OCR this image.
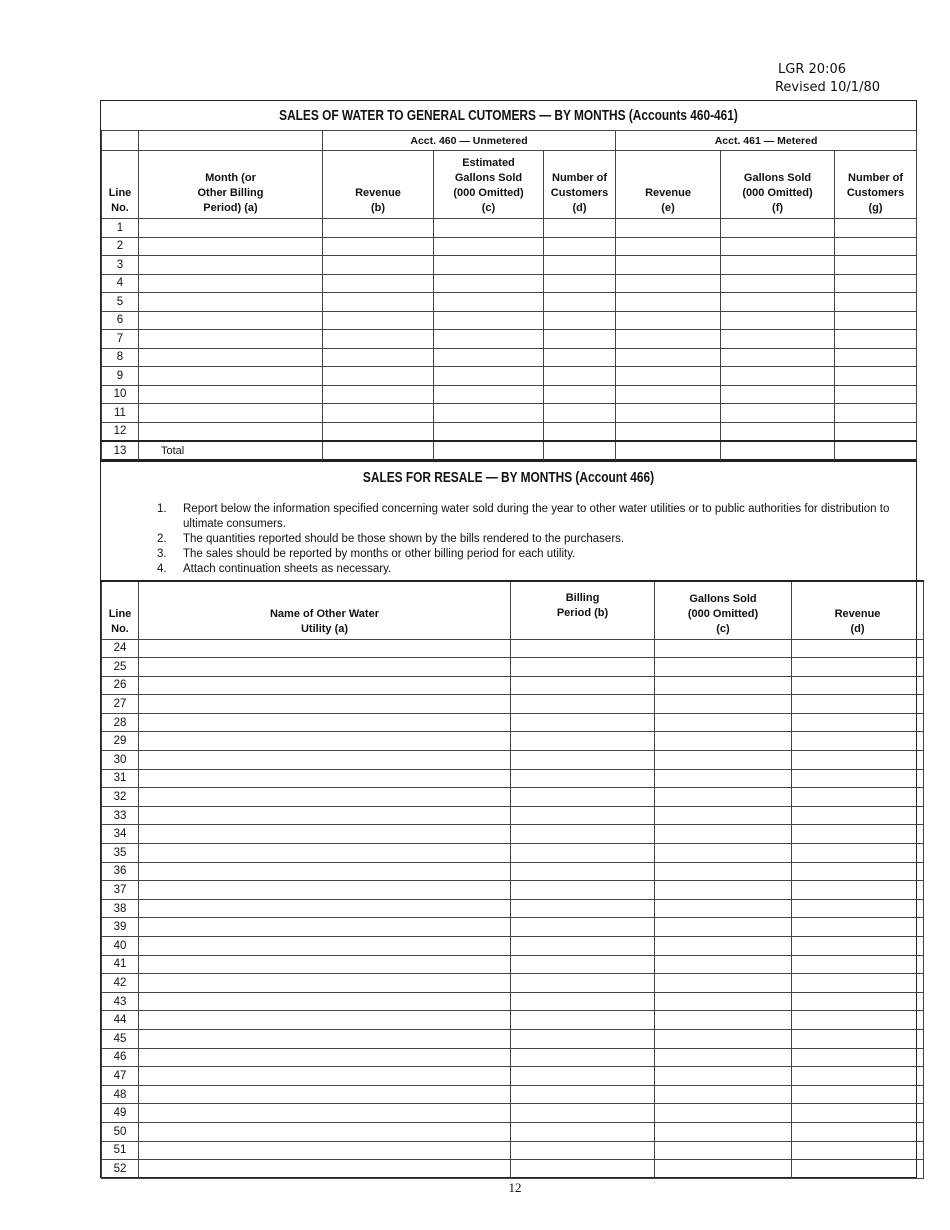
LGR 20:06
Revised 10/1/80
SALES OF WATER TO GENERAL CUTOMERS — BY MONTHS (Accounts 460-461)
		Acct. 460 — Unmetered			Acct. 461 — Metered		
Line No.	Month (or Other Billing Period) (a)	Revenue (b)	Estimated Gallons Sold (000 Omitted) (c)	Number of Customers (d)	Revenue (e)	Gallons Sold (000 Omitted) (f)	Number of Customers (g)
1							
2							
3							
4							
5							
6							
7							
8							
9							
10							
11							
12							
13	Total						
SALES FOR RESALE — BY MONTHS (Account 466)
1.	Report below the information specified concerning water sold during the year to other water utilities or to public authorities for distribution to ultimate consumers.
2.	The quantities reported should be those shown by the bills rendered to the purchasers.
3.	The sales should be reported by months or other billing period for each utility.
4.	Attach continuation sheets as necessary.
Line No.	Name of Other Water Utility (a)	Billing Period (b)	Gallons Sold (000 Omitted) (c)	Revenue (d)
24				
25				
26				
27				
28				
29				
30				
31				
32				
33				
34				
35				
36				
37				
38				
39				
40				
41				
42				
43				
44				
45				
46				
47				
48				
49				
50				
51				
52				
12
